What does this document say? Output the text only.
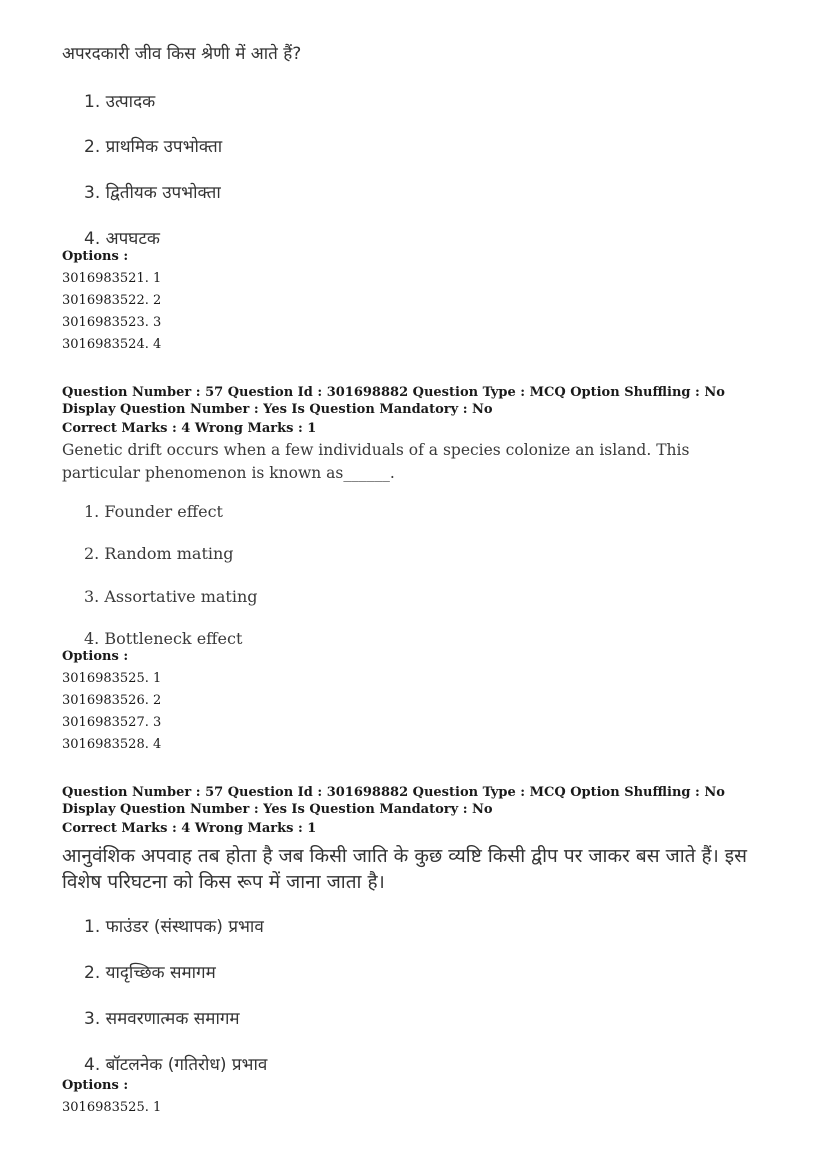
अपरदकारी जीव किस श्रेणी में आते हैं?
1. उत्पादक
2. प्राथमिक उपभोक्ता
3. द्वितीयक उपभोक्ता
4. अपघटक
Options :
3016983521. 1
3016983522. 2
3016983523. 3
3016983524. 4
Question Number : 57 Question Id : 301698882 Question Type : MCQ Option Shuffling : No Display Question Number : Yes Is Question Mandatory : No
Correct Marks : 4 Wrong Marks : 1
Genetic drift occurs when a few individuals of a species colonize an island. This particular phenomenon is known as______.
1. Founder effect
2. Random mating
3. Assortative mating
4. Bottleneck effect
Options :
3016983525. 1
3016983526. 2
3016983527. 3
3016983528. 4
Question Number : 57 Question Id : 301698882 Question Type : MCQ Option Shuffling : No Display Question Number : Yes Is Question Mandatory : No
Correct Marks : 4 Wrong Marks : 1
आनुवंशिक अपवाह तब होता है जब किसी जाति के कुछ व्यष्टि किसी द्वीप पर जाकर बस जाते हैं। इस विशेष परिघटना को किस रूप में जाना जाता है।
1. फाउंडर (संस्थापक) प्रभाव
2. यादृच्छिक समागम
3. समवरणात्मक समागम
4. बॉटलनेक (गतिरोध) प्रभाव
Options :
3016983525. 1
